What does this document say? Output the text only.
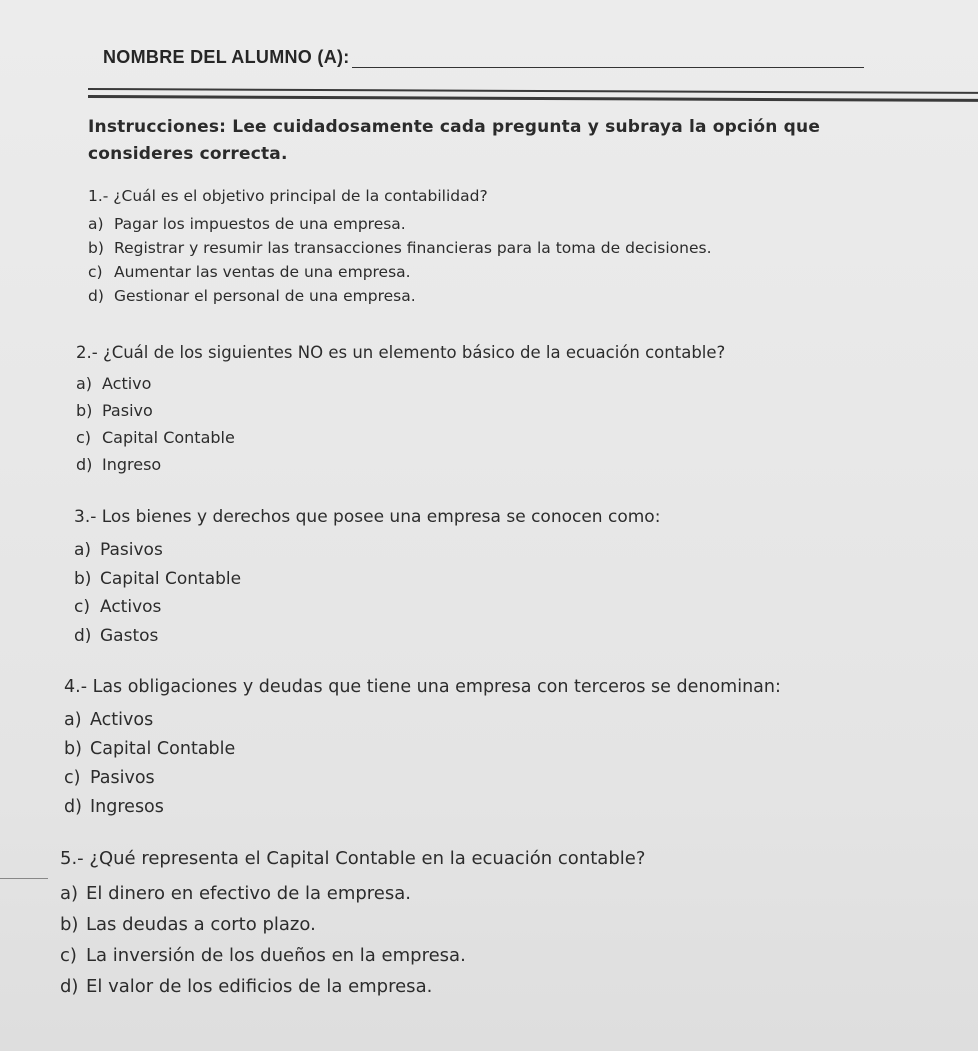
NOMBRE DEL ALUMNO (A):
Instrucciones: Lee cuidadosamente cada pregunta y subraya la opción que consideres correcta.

1.- ¿Cuál es el objetivo principal de la contabilidad?

a) Pagar los impuestos de una empresa.

b) Registrar y resumir las transacciones financieras para la toma de decisiones.

c) Aumentar las ventas de una empresa.

d) Gestionar el personal de una empresa.

2.- ¿Cuál de los siguientes NO es un elemento básico de la ecuación contable?

a) Activo

b) Pasivo

c) Capital Contable

d) Ingreso

3.- Los bienes y derechos que posee una empresa se conocen como:

a) Pasivos

b) Capital Contable

c) Activos

d) Gastos

4.- Las obligaciones y deudas que tiene una empresa con terceros se denominan:

a) Activos

b) Capital Contable

c) Pasivos

d) Ingresos

5.- ¿Qué representa el Capital Contable en la ecuación contable?

a) El dinero en efectivo de la empresa.

b) Las deudas a corto plazo.

c) La inversión de los dueños en la empresa.

d) El valor de los edificios de la empresa.
